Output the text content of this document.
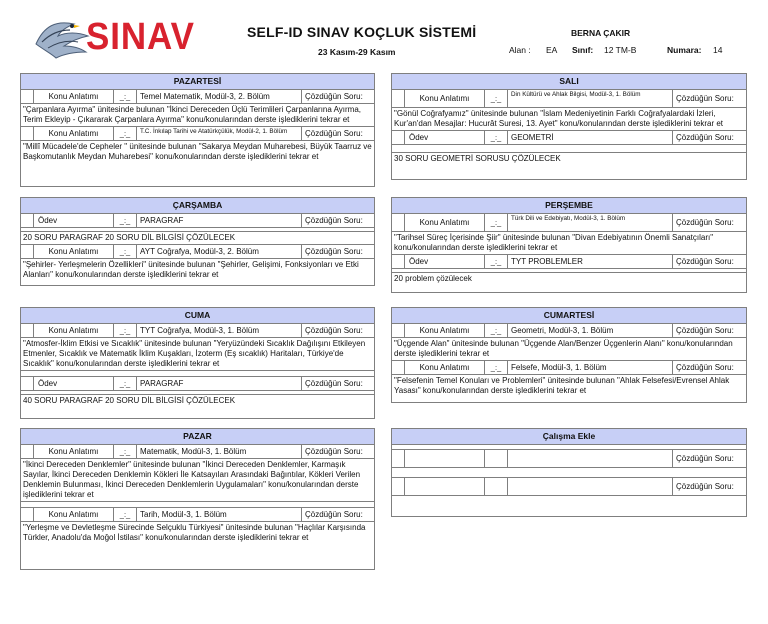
SINAV	SELF-ID SINAV KOÇLUK SİSTEMİ
23 Kasım-29 Kasım
BERNA ÇAKIR
Alan : EA Sınıf: 12 TM-B	Numara: 14
PAZARTESİ
Konu Anlatımı	_:_	Temel Matematik, Modül-3, 2. Bölüm	Çözdüğün Soru:
"Çarpanlara Ayırma" ünitesinde bulunan "İkinci Dereceden Üçlü Terimlileri Çarpanlarına Ayırma, Terim Ekleyip - Çıkararak Çarpanlara Ayırma" konu/konularından derste işlediklerini tekrar et
Konu Anlatımı	_:_	T.C. İnkılap Tarihi ve Atatürkçülük, Modül-2, 1. Bölüm	Çözdüğün Soru:
"Millî Mücadele'de Cepheler " ünitesinde bulunan "Sakarya Meydan Muharebesi, Büyük Taarruz ve Başkomutanlık Meydan Muharebesi" konu/konularından derste işlediklerini tekrar et
SALI
Konu Anlatımı	_:_	Din Kültürü ve Ahlak Bilgisi, Modül-3, 1. Bölüm	Çözdüğün Soru:
"Gönül Coğrafyamız" ünitesinde bulunan "İslam Medeniyetinin Farklı Coğrafyalardaki İzleri, Kur'an'dan Mesajlar: Hucurât Suresi, 13. Ayet" konu/konularından derste işlediklerini tekrar et
Ödev	_:_	GEOMETRİ	Çözdüğün Soru:
30 SORU GEOMETRİ SORUSU ÇÖZÜLECEK
ÇARŞAMBA
Ödev	_:_	PARAGRAF	Çözdüğün Soru:
20 SORU PARAGRAF 20 SORU DİL BİLGİSİ ÇÖZÜLECEK
Konu Anlatımı	_:_	AYT Coğrafya, Modül-3, 2. Bölüm	Çözdüğün Soru:
"Şehirler- Yerleşmelerin Özellikleri" ünitesinde bulunan "Şehirler, Gelişimi, Fonksiyonları ve Etki Alanları" konu/konularından derste işlediklerini tekrar et
PERŞEMBE
Konu Anlatımı	_:_	Türk Dili ve Edebiyatı, Modül-3, 1. Bölüm	Çözdüğün Soru:
"Tarihsel Süreç İçerisinde Şiir" ünitesinde bulunan "Divan Edebiyatının Önemli Sanatçıları" konu/konularından derste işlediklerini tekrar et
Ödev	_:_	TYT PROBLEMLER	Çözdüğün Soru:
20 problem çözülecek
CUMA
Konu Anlatımı	_:_	TYT Coğrafya, Modül-3, 1. Bölüm	Çözdüğün Soru:
"Atmosfer-İklim Etkisi ve Sıcaklık" ünitesinde bulunan "Yeryüzündeki Sıcaklık Dağılışını Etkileyen Etmenler, Sıcaklık ve Matematik İklim Kuşakları, İzoterm (Eş sıcaklık) Haritaları, Türkiye'de Sıcaklık" konu/konularından derste işlediklerini tekrar et
Ödev	_:_	PARAGRAF	Çözdüğün Soru:
40 SORU PARAGRAF 20 SORU DİL BİLGİSİ ÇÖZÜLECEK
CUMARTESİ
Konu Anlatımı	_:_	Geometri, Modül-3, 1. Bölüm	Çözdüğün Soru:
"Üçgende Alan" ünitesinde bulunan "Üçgende Alan/Benzer Üçgenlerin Alanı" konu/konularından derste işlediklerini tekrar et
Konu Anlatımı	_:_	Felsefe, Modül-3, 1. Bölüm	Çözdüğün Soru:
"Felsefenin Temel Konuları ve Problemleri" ünitesinde bulunan "Ahlak Felsefesi/Evrensel Ahlak Yasası" konu/konularından derste işlediklerini tekrar et
PAZAR
Konu Anlatımı	_:_	Matematik, Modül-3, 1. Bölüm	Çözdüğün Soru:
"İkinci Dereceden Denklemler" ünitesinde bulunan "İkinci Dereceden Denklemler, Karmaşık Sayılar, İkinci Dereceden Denklemin Kökleri İle Katsayıları Arasındaki Bağıntılar, Kökleri Verilen Denklemin Bulunması, İkinci Dereceden Denklemlerin Uygulamaları" konu/konularından derste işlediklerini tekrar et
Konu Anlatımı	_:_	Tarih, Modül-3, 1. Bölüm	Çözdüğün Soru:
"Yerleşme ve Devletleşme Sürecinde Selçuklu Türkiyesi" ünitesinde bulunan "Haçlılar Karşısında Türkler, Anadolu'da Moğol İstilası" konu/konularından derste işlediklerini tekrar et
Çalışma Ekle
Çözdüğün Soru:
Çözdüğün Soru:
